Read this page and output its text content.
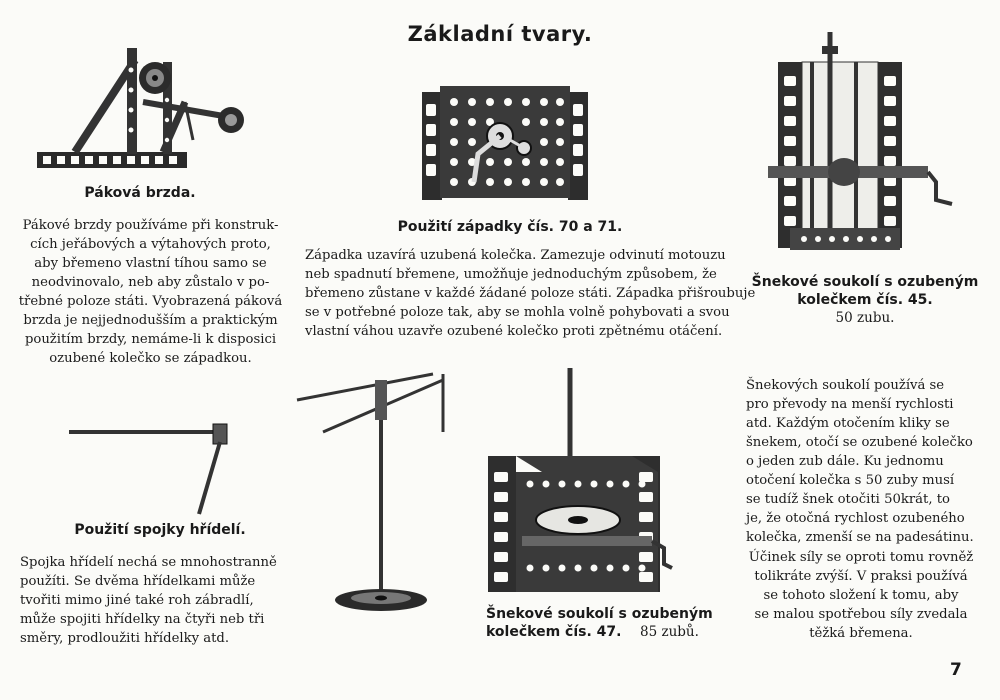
Základní tvary.
Páková brzda.
Pákové brzdy používáme při konstruk-
cích jeřábových a výtahových proto,
aby břemeno vlastní tíhou samo se
neodvinovalo, neb aby zůstalo v po-
třebné poloze státi. Vyobrazená páková
brzda je nejjednodušším a praktickým
použitím brzdy, nemáme-li k disposici
ozubené kolečko se západkou.
Použití západky čís. 70 a 71.
Západka uzavírá uzubená kolečka. Zamezuje odvinutí motouzu
neb spadnutí břemene, umožňuje jednoduchým způsobem, že
břemeno zůstane v každé žádané poloze státi. Západka přišroubuje
se v potřebné poloze tak, aby se mohla volně pohybovati a svou
vlastní váhou uzavře ozubené kolečko proti zpětnému otáčení.
Šnekové soukolí s ozubeným
kolečkem čís. 45.
50 zubu.
Použití spojky hřídelí.
Spojka hřídelí nechá se mnohostranně
použíti. Se dvěma hřídelkami může
tvořiti mimo jiné také roh zábradlí,
může spojiti hřídelky na čtyři neb tři
směry, prodloužiti hřídelky atd.
Šnekové soukolí s ozubeným
kolečkem čís. 47.	85 zubů.
Šnekových soukolí používá se
pro převody na menší rychlosti
atd. Každým otočením kliky se
šnekem, otočí se ozubené kolečko
o jeden zub dále. Ku jednomu
otočení kolečka s 50 zuby musí
se tudíž šnek otočiti 50krát, to
je, že otočná rychlost ozubeného
kolečka, zmenší se na padesátinu.
Účinek síly se oproti tomu rovněž
tolikráte zvýší. V praksi používá
se tohoto složení k tomu, aby
se malou spotřebou síly zvedala
těžká břemena.
7
